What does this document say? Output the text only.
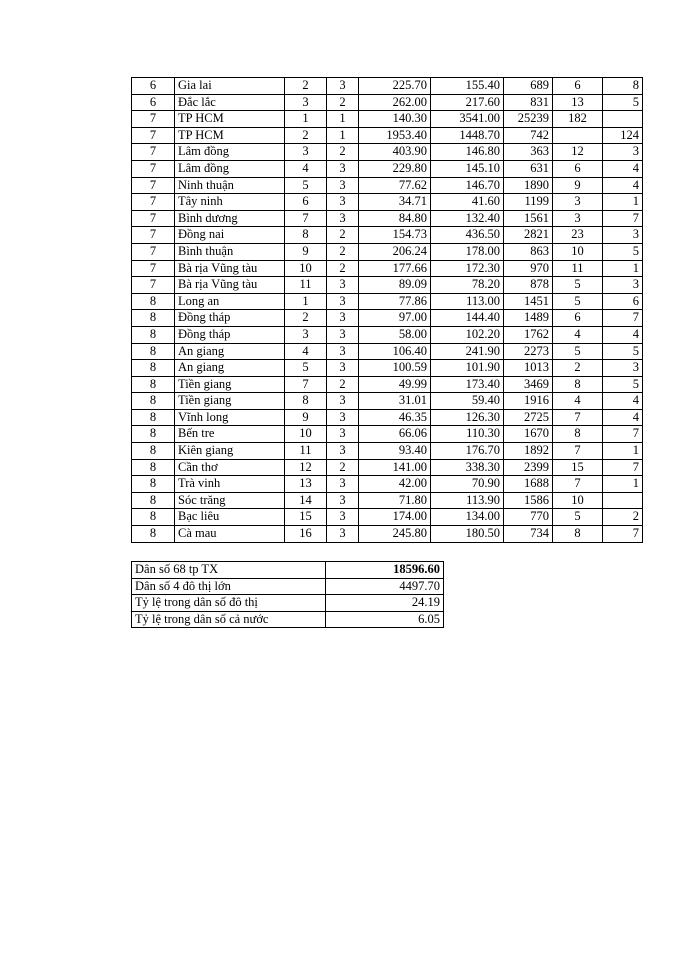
6	Gia lai	2	3	225.70	155.40	689	6	8
6	Đắc lắc	3	2	262.00	217.60	831	13	5
7	TP HCM	1	1	140.30	3541.00	25239	182	
7	TP HCM	2	1	1953.40	1448.70	742		124
7	Lâm đồng	3	2	403.90	146.80	363	12	3
7	Lâm đồng	4	3	229.80	145.10	631	6	4
7	Ninh thuận	5	3	77.62	146.70	1890	9	4
7	Tây ninh	6	3	34.71	41.60	1199	3	1
7	Bình dương	7	3	84.80	132.40	1561	3	7
7	Đồng nai	8	2	154.73	436.50	2821	23	3
7	Bình thuận	9	2	206.24	178.00	863	10	5
7	Bà rịa Vũng tàu	10	2	177.66	172.30	970	11	1
7	Bà rịa Vũng tàu	11	3	89.09	78.20	878	5	3
8	Long an	1	3	77.86	113.00	1451	5	6
8	Đồng tháp	2	3	97.00	144.40	1489	6	7
8	Đồng tháp	3	3	58.00	102.20	1762	4	4
8	An giang	4	3	106.40	241.90	2273	5	5
8	An giang	5	3	100.59	101.90	1013	2	3
8	Tiền giang	7	2	49.99	173.40	3469	8	5
8	Tiền giang	8	3	31.01	59.40	1916	4	4
8	Vĩnh long	9	3	46.35	126.30	2725	7	4
8	Bến tre	10	3	66.06	110.30	1670	8	7
8	Kiên giang	11	3	93.40	176.70	1892	7	1
8	Cần thơ	12	2	141.00	338.30	2399	15	7
8	Trà vinh	13	3	42.00	70.90	1688	7	1
8	Sóc trăng	14	3	71.80	113.90	1586	10	
8	Bạc liêu	15	3	174.00	134.00	770	5	2
8	Cà mau	16	3	245.80	180.50	734	8	7
Dân số 68 tp TX	18596.60
Dân số 4 đô thị lớn	4497.70
Tỷ lệ trong dân số đô thị	24.19
Tỷ lệ trong dân số cả nước	6.05
